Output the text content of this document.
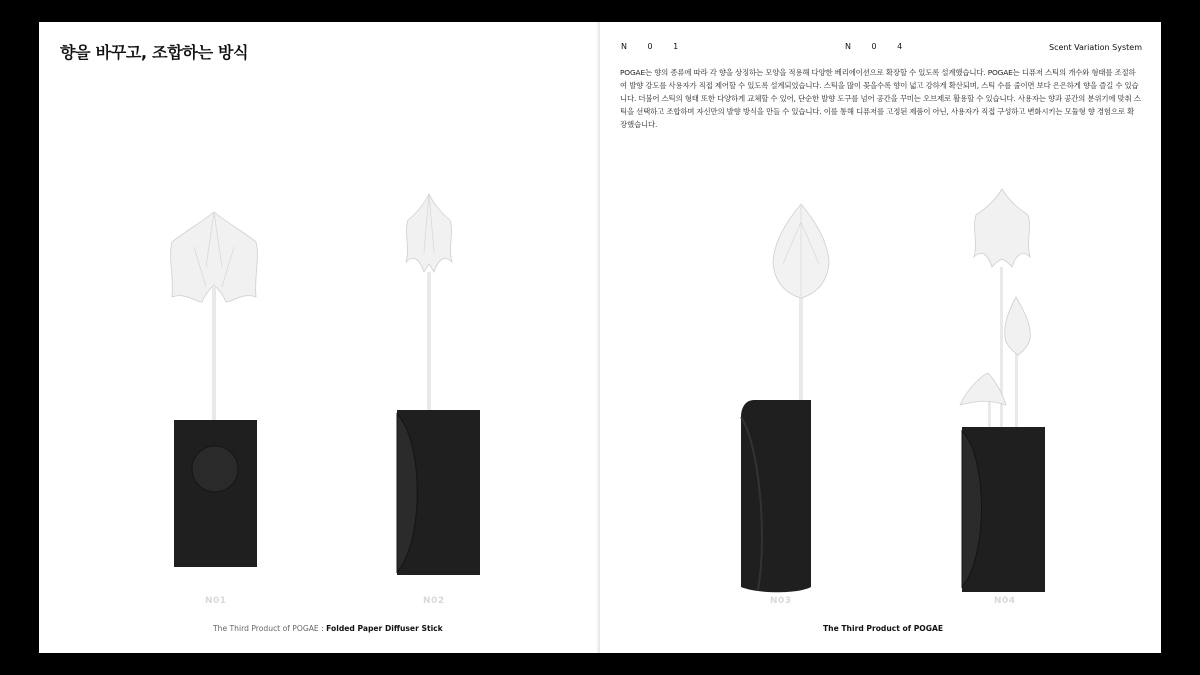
향을 바꾸고, 조합하는 방식
N01	N02
The Third Product of POGAE : Folded Paper Diffuser Stick
N 0 1	N 0 4	Scent Variation System

POGAE는 향의 종류에 따라 각 향을 상징하는 모양을 적용해 다양한 베리에이션으로 확장할 수 있도록 설계했습니다. POGAE는 디퓨저 스틱의 개수와 형태를 조절하여 발향 강도를 사용자가 직접 제어할 수 있도록 설계되었습니다. 스틱을 많이 꽂을수록 향이 넓고 강하게 확산되며, 스틱 수를 줄이면 보다 은은하게 향을 즐길 수 있습니다. 더불어 스틱의 형태 또한 다양하게 교체할 수 있어, 단순한 발향 도구를 넘어 공간을 꾸미는 오브제로 활용할 수 있습니다. 사용자는 향과 공간의 분위기에 맞춰 스틱을 선택하고 조합하며 자신만의 발향 방식을 만들 수 있습니다. 이를 통해 디퓨저를 고정된 제품이 아닌, 사용자가 직접 구성하고 변화시키는 모듈형 향 경험으로 확장했습니다.

N03	N04
The Third Product of POGAE
